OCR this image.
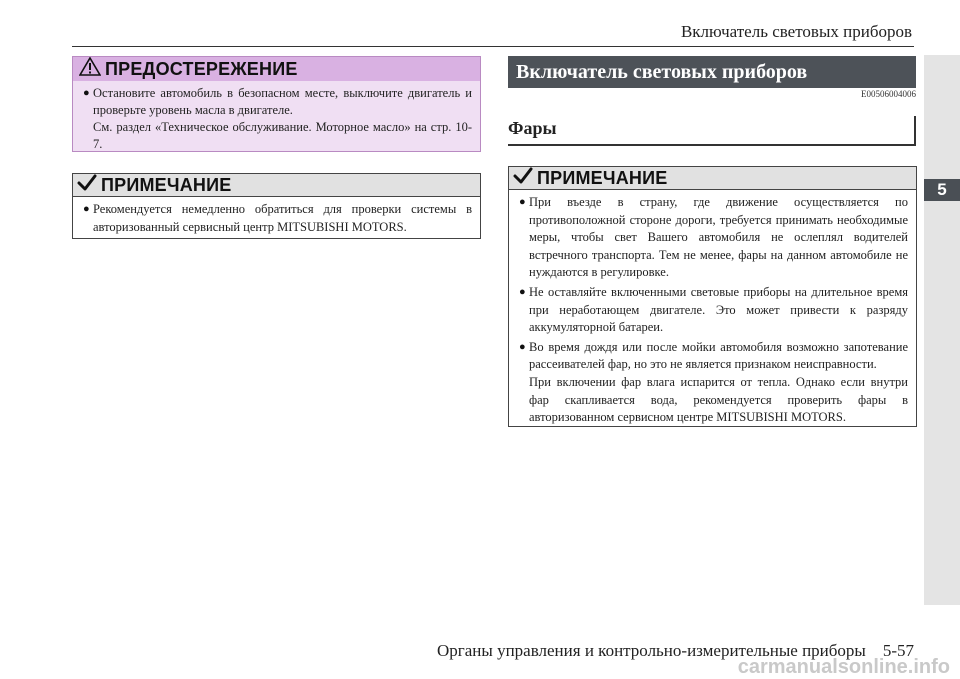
Включатель световых приборов
5
ПРЕДОСТЕРЕЖЕНИЕ
● Остановите автомобиль в безопасном месте, выключите двигатель и проверьте уровень масла в двигателе.
См. раздел «Техническое обслуживание. Моторное масло» на стр. 10-7.
ПРИМЕЧАНИЕ
● Рекомендуется немедленно обратиться для проверки системы в авторизованный сервисный центр MITSUBISHI MOTORS.
Включатель световых приборов
E00506004006
Фары
ПРИМЕЧАНИЕ
● При въезде в страну, где движение осуществляется по противоположной стороне дороги, требуется принимать необходимые меры, чтобы свет Вашего автомобиля не ослеплял водителей встречного транспорта. Тем не менее, фары на данном автомобиле не нуждаются в регулировке.
● Не оставляйте включенными световые приборы на длительное время при неработающем двигателе. Это может привести к разряду аккумуляторной батареи.
● Во время дождя или после мойки автомобиля возможно запотевание рассеивателей фар, но это не является признаком неисправности.
При включении фар влага испарится от тепла. Однако если внутри фар скапливается вода, рекомендуется проверить фары в авторизованном сервисном центре MITSUBISHI MOTORS.
Органы управления и контрольно-измерительные приборы    5-57
carmanualsonline.info
